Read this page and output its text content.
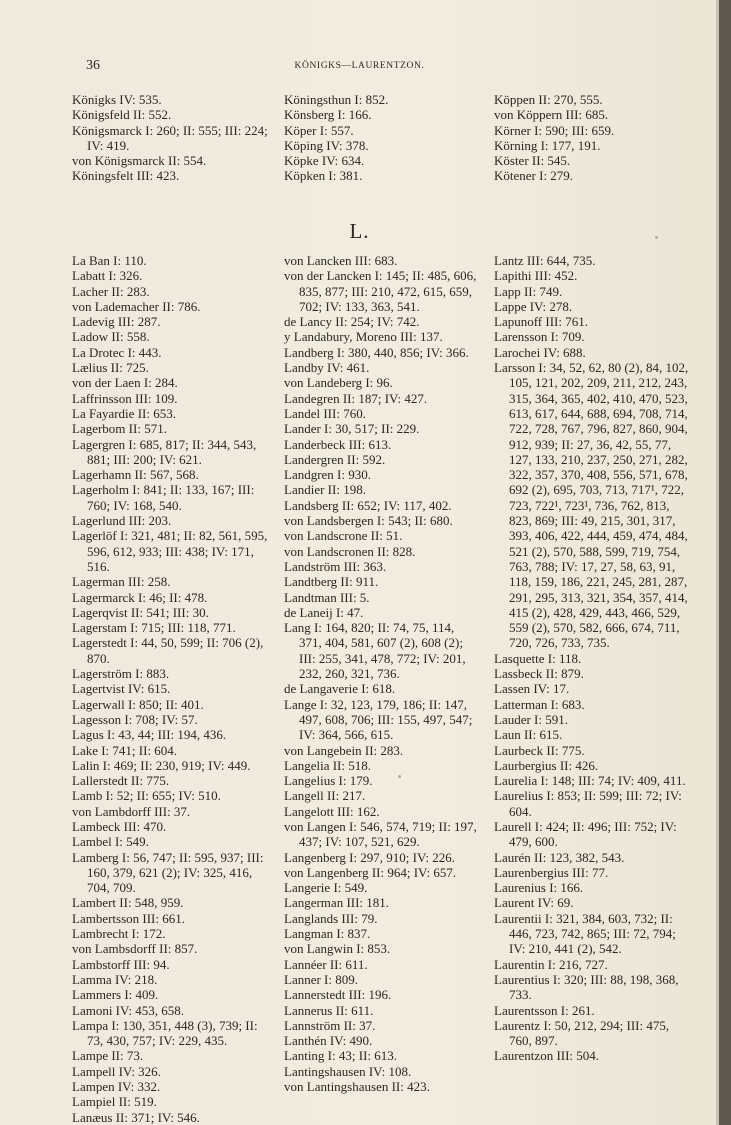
36	KÖNIGKS—LAURENTZON.

Königks IV: 535.

Königsfeld II: 552.

Königsmarck I: 260; II: 555; III: 224; IV: 419.

von Königsmarck II: 554.

Köningsfelt III: 423.

Köningsthun I: 852.

Könsberg I: 166.

Köper I: 557.

Köping IV: 378.

Köpke IV: 634.

Köpken I: 381.

Köppen II: 270, 555.

von Köppern III: 685.

Körner I: 590; III: 659.

Körning I: 177, 191.

Köster II: 545.

Kötener I: 279.

L.

La Ban I: 110.

Labatt I: 326.

Lacher II: 283.

von Lademacher II: 786.

Ladevig III: 287.

Ladow II: 558.

La Drotec I: 443.

Lælius II: 725.

von der Laen I: 284.

Laffrinsson III: 109.

La Fayardie II: 653.

Lagerbom II: 571.

Lagergren I: 685, 817; II: 344, 543, 881; III: 200; IV: 621.

Lagerhamn II: 567, 568.

Lagerholm I: 841; II: 133, 167; III: 760; IV: 168, 540.

Lagerlund III: 203.

Lagerlöf I: 321, 481; II: 82, 561, 595, 596, 612, 933; III: 438; IV: 171, 516.

Lagerman III: 258.

Lagermarck I: 46; II: 478.

Lagerqvist II: 541; III: 30.

Lagerstam I: 715; III: 118, 771.

Lagerstedt I: 44, 50, 599; II: 706 (2), 870.

Lagerström I: 883.

Lagertvist IV: 615.

Lagerwall I: 850; II: 401.

Lagesson I: 708; IV: 57.

Lagus I: 43, 44; III: 194, 436.

Lake I: 741; II: 604.

Lalin I: 469; II: 230, 919; IV: 449.

Lallerstedt II: 775.

Lamb I: 52; II: 655; IV: 510.

von Lambdorff III: 37.

Lambeck III: 470.

Lambel I: 549.

Lamberg I: 56, 747; II: 595, 937; III: 160, 379, 621 (2); IV: 325, 416, 704, 709.

Lambert II: 548, 959.

Lambertsson III: 661.

Lambrecht I: 172.

von Lambsdorff II: 857.

Lambstorff III: 94.

Lamma IV: 218.

Lammers I: 409.

Lamoni IV: 453, 658.

Lampa I: 130, 351, 448 (3), 739; II: 73, 430, 757; IV: 229, 435.

Lampe II: 73.

Lampell IV: 326.

Lampen IV: 332.

Lampiel II: 519.

Lanæus II: 371; IV: 546.

von Lancken III: 683.

von der Lancken I: 145; II: 485, 606, 835, 877; III: 210, 472, 615, 659, 702; IV: 133, 363, 541.

de Lancy II: 254; IV: 742.

y Landabury, Moreno III: 137.

Landberg I: 380, 440, 856; IV: 366.

Landby IV: 461.

von Landeberg I: 96.

Landegren II: 187; IV: 427.

Landel III: 760.

Lander I: 30, 517; II: 229.

Landerbeck III: 613.

Landergren II: 592.

Landgren I: 930.

Landier II: 198.

Landsberg II: 652; IV: 117, 402.

von Landsbergen I: 543; II: 680.

von Landscrone II: 51.

von Landscronen II: 828.

Landström III: 363.

Landtberg II: 911.

Landtman III: 5.

de Laneij I: 47.

Lang I: 164, 820; II: 74, 75, 114, 371, 404, 581, 607 (2), 608 (2); III: 255, 341, 478, 772; IV: 201, 232, 260, 321, 736.

de Langaverie I: 618.

Lange I: 32, 123, 179, 186; II: 147, 497, 608, 706; III: 155, 497, 547; IV: 364, 566, 615.

von Langebein II: 283.

Langelia II: 518.

Langelius I: 179.

Langell II: 217.

Langelott III: 162.

von Langen I: 546, 574, 719; II: 197, 437; IV: 107, 521, 629.

Langenberg I: 297, 910; IV: 226.

von Langenberg II: 964; IV: 657.

Langerie I: 549.

Langerman III: 181.

Langlands III: 79.

Langman I: 837.

von Langwin I: 853.

Lannéer II: 611.

Lanner I: 809.

Lannerstedt III: 196.

Lannerus II: 611.

Lannström II: 37.

Lanthén IV: 490.

Lanting I: 43; II: 613.

Lantingshausen IV: 108.

von Lantingshausen II: 423.

Lantz III: 644, 735.

Lapithi III: 452.

Lapp II: 749.

Lappe IV: 278.

Lapunoff III: 761.

Larensson I: 709.

Larochei IV: 688.

Larsson I: 34, 52, 62, 80 (2), 84, 102, 105, 121, 202, 209, 211, 212, 243, 315, 364, 365, 402, 410, 470, 523, 613, 617, 644, 688, 694, 708, 714, 722, 728, 767, 796, 827, 860, 904, 912, 939; II: 27, 36, 42, 55, 77, 127, 133, 210, 237, 250, 271, 282, 322, 357, 370, 408, 556, 571, 678, 692 (2), 695, 703, 713, 717¹, 722, 723, 722¹, 723¹, 736, 762, 813, 823, 869; III: 49, 215, 301, 317, 393, 406, 422, 444, 459, 474, 484, 521 (2), 570, 588, 599, 719, 754, 763, 788; IV: 17, 27, 58, 63, 91, 118, 159, 186, 221, 245, 281, 287, 291, 295, 313, 321, 354, 357, 414, 415 (2), 428, 429, 443, 466, 529, 559 (2), 570, 582, 666, 674, 711, 720, 726, 733, 735.

Lasquette I: 118.

Lassbeck II: 879.

Lassen IV: 17.

Latterman I: 683.

Lauder I: 591.

Laun II: 615.

Laurbeck II: 775.

Laurbergius II: 426.

Laurelia I: 148; III: 74; IV: 409, 411.

Laurelius I: 853; II: 599; III: 72; IV: 604.

Laurell I: 424; II: 496; III: 752; IV: 479, 600.

Laurén II: 123, 382, 543.

Laurenbergius III: 77.

Laurenius I: 166.

Laurent IV: 69.

Laurentii I: 321, 384, 603, 732; II: 446, 723, 742, 865; III: 72, 794; IV: 210, 441 (2), 542.

Laurentin I: 216, 727.

Laurentius I: 320; III: 88, 198, 368, 733.

Laurentsson I: 261.

Laurentz I: 50, 212, 294; III: 475, 760, 897.

Laurentzon III: 504.
